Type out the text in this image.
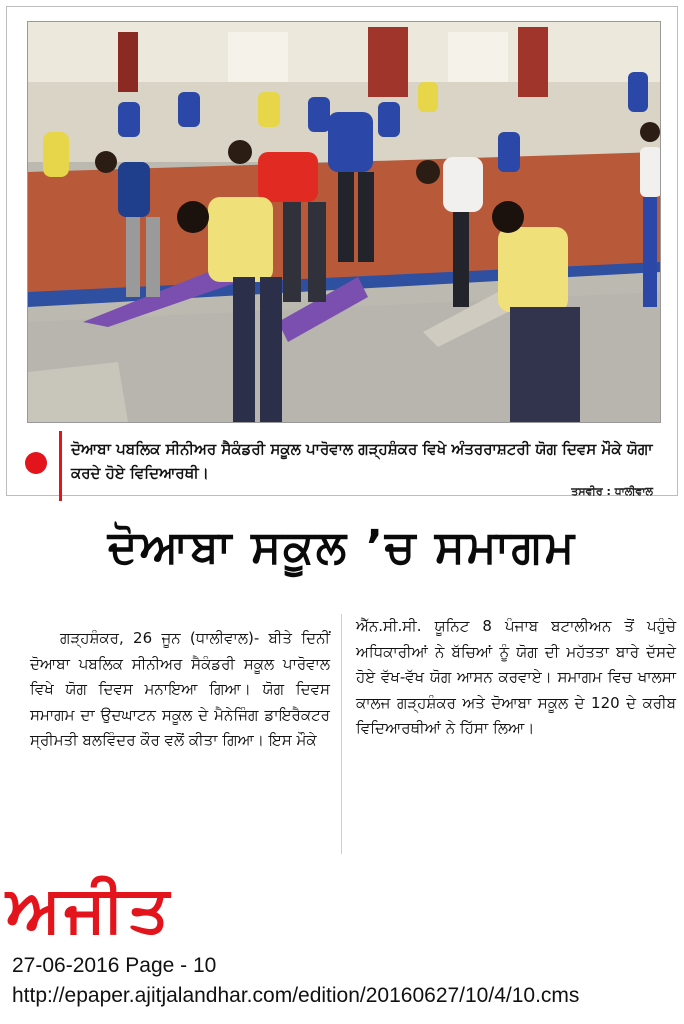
ਦੋਆਬਾ ਪਬਲਿਕ ਸੀਨੀਅਰ ਸੈਕੰਡਰੀ ਸਕੂਲ ਪਾਰੋਵਾਲ ਗੜ੍ਹਸ਼ੰਕਰ ਵਿਖੇ ਅੰਤਰਰਾਸ਼ਟਰੀ ਯੋਗ ਦਿਵਸ ਮੌਕੇ ਯੋਗਾ ਕਰਦੇ ਹੋਏ ਵਿਦਿਆਰਥੀ।

ਤਸਵੀਰ : ਧਾਲੀਵਾਲ
ਦੋਆਬਾ ਸਕੂਲ ’ਚ ਸਮਾਗਮ

ਗੜ੍ਹਸ਼ੰਕਰ, 26 ਜੂਨ (ਧਾਲੀਵਾਲ)- ਬੀਤੇ ਦਿਨੀਂ ਦੋਆਬਾ ਪਬਲਿਕ ਸੀਨੀਅਰ ਸੈਕੰਡਰੀ ਸਕੂਲ ਪਾਰੋਵਾਲ ਵਿਖੇ ਯੋਗ ਦਿਵਸ ਮਨਾਇਆ ਗਿਆ। ਯੋਗ ਦਿਵਸ ਸਮਾਗਮ ਦਾ ਉਦਘਾਟਨ ਸਕੂਲ ਦੇ ਮੈਨੇਜਿੰਗ ਡਾਇਰੈਕਟਰ ਸ੍ਰੀਮਤੀ ਬਲਵਿੰਦਰ ਕੌਰ ਵਲੋਂ ਕੀਤਾ ਗਿਆ। ਇਸ ਮੌਕੇ

ਐੱਨ.ਸੀ.ਸੀ. ਯੂਨਿਟ 8 ਪੰਜਾਬ ਬਟਾਲੀਅਨ ਤੋਂ ਪਹੁੰਚੇ ਅਧਿਕਾਰੀਆਂ ਨੇ ਬੱਚਿਆਂ ਨੂੰ ਯੋਗ ਦੀ ਮਹੱਤਤਾ ਬਾਰੇ ਦੱਸਦੇ ਹੋਏ ਵੱਖ-ਵੱਖ ਯੋਗ ਆਸਨ ਕਰਵਾਏ। ਸਮਾਗਮ ਵਿਚ ਖਾਲਸਾ ਕਾਲਜ ਗੜ੍ਹਸ਼ੰਕਰ ਅਤੇ ਦੋਆਬਾ ਸਕੂਲ ਦੇ 120 ਦੇ ਕਰੀਬ ਵਿਦਿਆਰਥੀਆਂ ਨੇ ਹਿੱਸਾ ਲਿਆ।

ਅਜੀਤ
27-06-2016 Page - 10
http://epaper.ajitjalandhar.com/edition/20160627/10/4/10.cms
